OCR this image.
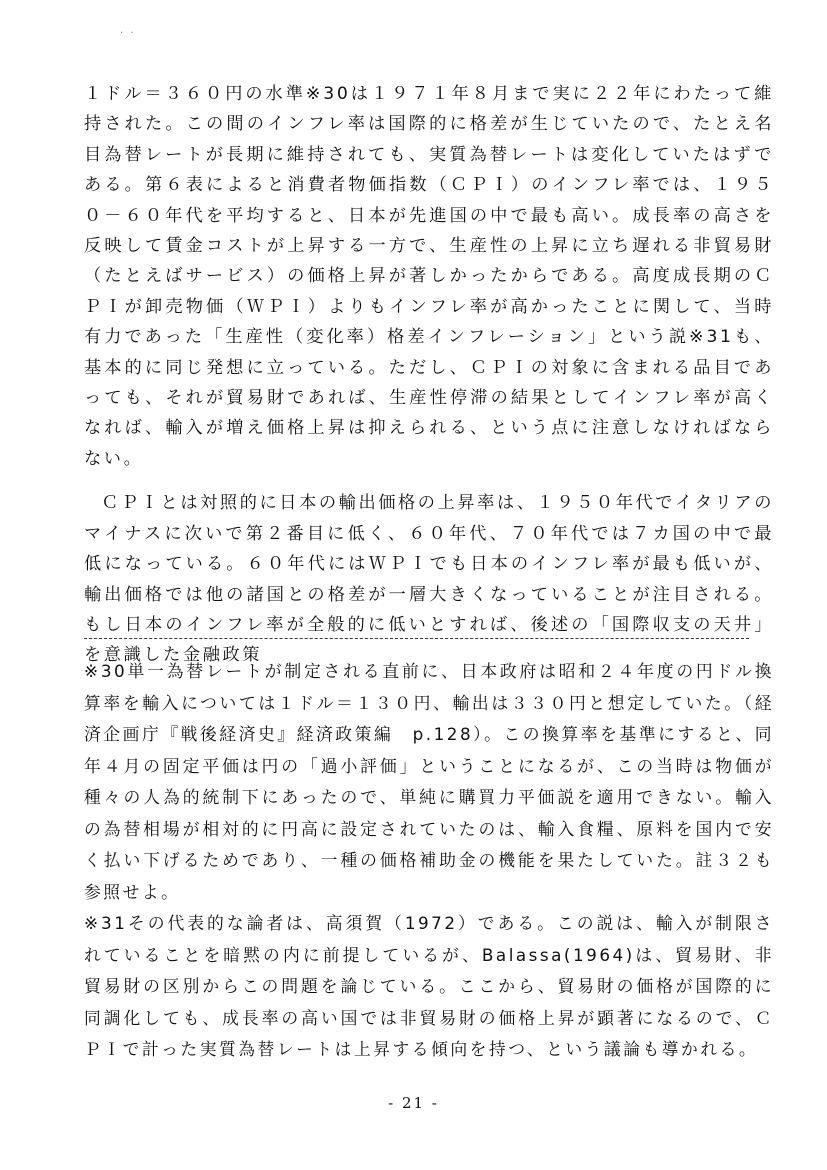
· ·

１ドル＝３６０円の水準※30は１９７１年８月まで実に２２年にわたって維持された。この間のインフレ率は国際的に格差が生じていたので、たとえ名目為替レートが長期に維持されても、実質為替レートは変化していたはずである。第６表によると消費者物価指数（ＣＰＩ）のインフレ率では、１９５０－６０年代を平均すると、日本が先進国の中で最も高い。成長率の高さを反映して賃金コストが上昇する一方で、生産性の上昇に立ち遅れる非貿易財（たとえばサービス）の価格上昇が著しかったからである。高度成長期のＣＰＩが卸売物価（ＷＰＩ）よりもインフレ率が高かったことに関して、当時有力であった「生産性（変化率）格差インフレーション」という説※31も、基本的に同じ発想に立っている。ただし、ＣＰＩの対象に含まれる品目であっても、それが貿易財であれば、生産性停滞の結果としてインフレ率が高くなれば、輸入が増え価格上昇は抑えられる、という点に注意しなければならない。

ＣＰＩとは対照的に日本の輸出価格の上昇率は、１９５０年代でイタリアのマイナスに次いで第２番目に低く、６０年代、７０年代では７カ国の中で最低になっている。６０年代にはＷＰＩでも日本のインフレ率が最も低いが、輸出価格では他の諸国との格差が一層大きくなっていることが注目される。もし日本のインフレ率が全般的に低いとすれば、後述の「国際収支の天井」を意識した金融政策

※30単一為替レートが制定される直前に、日本政府は昭和２４年度の円ドル換算率を輸入については１ドル＝１３０円、輸出は３３０円と想定していた。（経済企画庁『戦後経済史』経済政策編　p.128）。この換算率を基準にすると、同年４月の固定平価は円の「過小評価」ということになるが、この当時は物価が種々の人為的統制下にあったので、単純に購買力平価説を適用できない。輸入の為替相場が相対的に円高に設定されていたのは、輸入食糧、原料を国内で安く払い下げるためであり、一種の価格補助金の機能を果たしていた。註３２も参照せよ。

※31その代表的な論者は、高須賀（1972）である。この説は、輸入が制限されていることを暗黙の内に前提しているが、Balassa(1964)は、貿易財、非貿易財の区別からこの問題を論じている。ここから、貿易財の価格が国際的に同調化しても、成長率の高い国では非貿易財の価格上昇が顕著になるので、ＣＰＩで計った実質為替レートは上昇する傾向を持つ、という議論も導かれる。

- 21 -
